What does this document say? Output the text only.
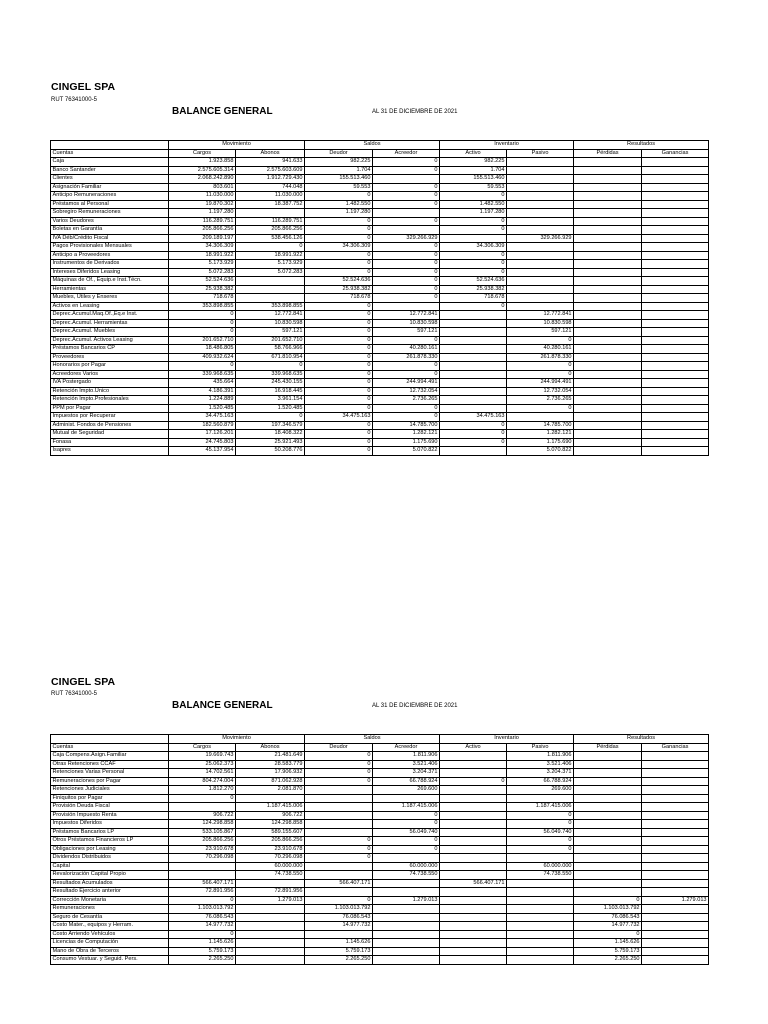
CINGEL SPA
RUT 76341000-5
BALANCE GENERAL	AL 31 DE DICIEMBRE DE 2021
	Movimiento		Saldos		Inventario		Resultados	
Cuentas	Cargos	Abonos	Deudor	Acreedor	Activo	Pasivo	Pérdidas	Ganancias
Caja	1.923.858	941.633	982.225	0	982.225			
Banco Santander	2.575.605.314	2.575.603.609	1.704	0	1.704			
Clientes	2.068.242.890	1.912.729.430	155.513.460		155.513.460			
Asignación Familiar	803.601	744.048	59.553	0	59.553			
Anticipo Remuneraciones	11.030.000	11.030.000	0	0	0			
Préstamos al Personal	19.870.302	18.387.752	1.482.550	0	1.482.550			
Sobregiro Remuneraciones	1.197.280		1.197.280		1.197.280			
Varios Deudores	116.289.751	116.289.751	0	0	0			
Boletas en Garantía	205.866.256	205.866.256	0		0			
IVA Déb/Crédito Fiscal	209.189.197	538.456.126	0	329.266.929		329.266.929		
Pagos Provisionales Mensuales	34.306.309	0	34.306.309	0	34.306.309			
Anticipo a Proveedores	18.991.922	18.991.922	0	0	0			
Instrumentos de Derivados	5.173.929	5.173.929	0	0	0			
Intereses Diferidos Leasing	5.072.283	5.072.283	0	0	0			
Máquinas de Of., Equip.e Inst.Técn.	52.524.636		52.524.636	0	52.524.636			
Herramientas	25.938.382		25.938.382	0	25.938.382			
Muebles, Utiles y Enseres	718.678		718.678	0	718.678			
Activos en Leasing	353.898.855	353.898.855	0		0			
Deprec.Acumul.Maq.Of.,Eq.e Inst.	0	12.772.841	0	12.772.841		12.772.841		
Deprec.Acumul. Herramientas	0	10.830.598	0	10.830.598		10.830.598		
Deprec.Acumul. Muebles	0	597.121	0	597.121		597.121		
Deprec.Acumul. Activos Leasing	201.652.710	201.652.710	0	0		0		
Préstamos Bancarios CP	18.486.805	58.766.966	0	40.280.161		40.280.161		
Proveedores	409.932.624	671.810.954	0	261.878.330		261.878.330		
Honorarios por Pagar	0	0	0	0		0		
Acreedores Varios	339.968.635	339.968.635	0	0		0		
IVA Postergado	435.664	245.430.155	0	244.994.491		244.994.491		
Retención Impto.Unico	4.186.391	16.918.445	0	12.732.054		12.732.054		
Retención Impto.Profesionales	1.224.889	3.961.154	0	2.736.265		2.736.265		
PPM por Pagar	1.520.485	1.520.485	0	0		0		
Impuestos por Recuperar	34.475.163	0	34.475.163	0	34.475.163			
Administ. Fondos de Pensiones	182.560.879	197.346.579	0	14.785.700	0	14.785.700		
Mutual de Seguridad	17.126.201	18.408.322	0	1.282.121	0	1.282.121		
Fonasa	24.745.803	25.921.493	0	1.175.690	0	1.175.690		
Isapres	45.137.954	50.208.776	0	5.070.822		5.070.822		
CINGEL SPA
RUT 76341000-5
BALANCE GENERAL	AL 31 DE DICIEMBRE DE 2021
	Movimiento		Saldos		Inventario		Resultados	
Cuentas	Cargos	Abonos	Deudor	Acreedor	Activo	Pasivo	Pérdidas	Ganancias
Caja Compens.Asign.Familiar	19.669.743	21.481.649	0	1.811.906		1.811.906		
Otras Retenciones CCAF	25.062.373	28.583.779	0	3.521.406		3.521.406		
Retenciones Varias Personal	14.702.561	17.906.932	0	3.204.371		3.204.371		
Remuneraciones por Pagar	804.274.004	871.062.928	0	66.788.924	0	66.788.924		
Retenciones Judiciales	1.812.270	2.081.870		269.600		269.600		
Finiquitos por Pagar	0							
Provisión Deuda Fiscal		1.187.415.006		1.187.415.006		1.187.415.006		
Provisión Impuesto Renta	906.722	906.722		0		0		
Impuestos Diferidos	124.298.858	124.298.858		0		0		
Préstamos Bancarios LP	533.105.867	589.155.607		56.049.740		56.049.740		
Otros Préstamos Financieros LP	205.866.256	205.866.256	0	0		0		
Obligaciones por Leasing	23.910.678	23.910.678	0	0		0		
Dividendos Distribuidos	70.296.098	70.296.098	0					
Capital		60.000.000		60.000.000		60.000.000		
Revalorización Capital Propio		74.738.550		74.738.550		74.738.550		
Resultados Acumulados	566.407.171		566.407.171		566.407.171			
Resultado Ejercicio anterior	72.891.956	72.891.956						
Corrección Monetaria	0	1.279.013	0	1.279.013			0	1.279.013
Remuneraciones	1.103.013.792		1.103.013.792				1.103.013.792	
Seguro de Cesantía	76.086.543		76.086.543				76.086.543	
Costo Mater., equipos y Herram.	14.977.732		14.977.732				14.977.732	
Costo Arriendo Vehículos	0						0	
Licencias de Computación	1.145.626		1.145.626				1.145.626	
Mano de Obra de Terceros	5.759.173		5.759.173				5.759.173	
Consumo Vestuar. y Seguid. Pers.	2.265.250		2.265.250				2.265.250	
